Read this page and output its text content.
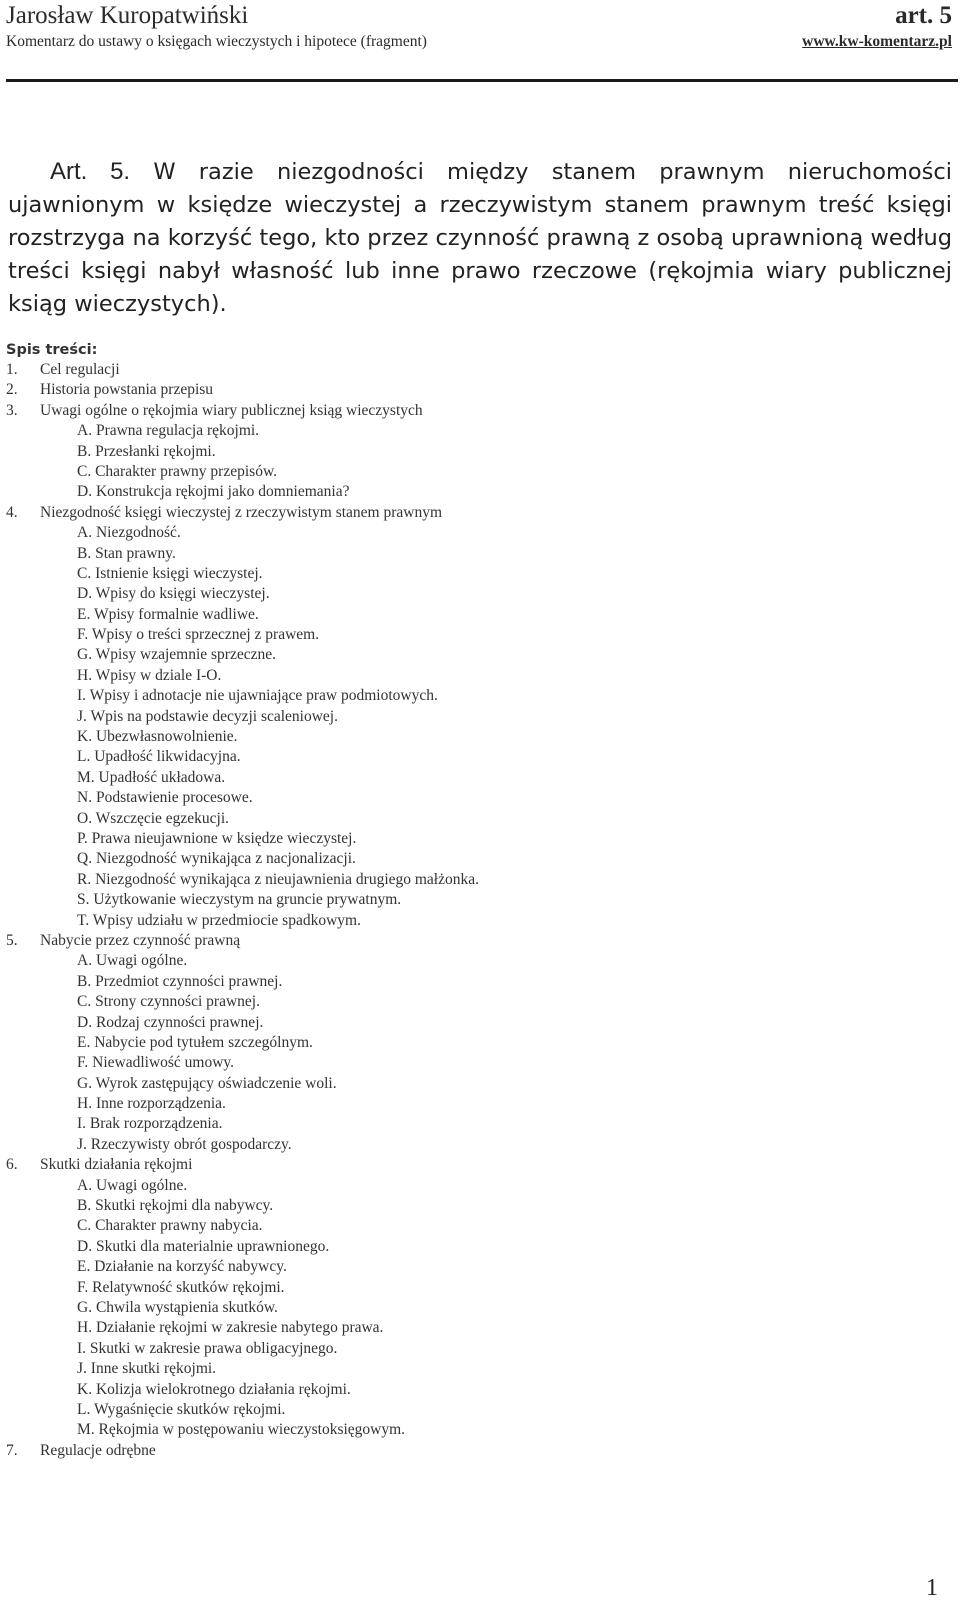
Jarosław Kuropatwiński	art. 5
Komentarz do ustawy o księgach wieczystych i hipotece (fragment)	www.kw-komentarz.pl
Art. 5. W razie niezgodności między stanem prawnym nieruchomości ujawnionym w księdze wieczystej a rzeczywistym stanem prawnym treść księgi rozstrzyga na korzyść tego, kto przez czynność prawną z osobą uprawnioną według treści księgi nabył własność lub inne prawo rzeczowe (rękojmia wiary publicznej ksiąg wieczystych).
Spis treści:
1. Cel regulacji
2. Historia powstania przepisu
3. Uwagi ogólne o rękojmia wiary publicznej ksiąg wieczystych
A. Prawna regulacja rękojmi.
B. Przesłanki rękojmi.
C. Charakter prawny przepisów.
D. Konstrukcja rękojmi jako domniemania?
4. Niezgodność księgi wieczystej z rzeczywistym stanem prawnym
A. Niezgodność.
B. Stan prawny.
C. Istnienie księgi wieczystej.
D. Wpisy do księgi wieczystej.
E. Wpisy formalnie wadliwe.
F. Wpisy o treści sprzecznej z prawem.
G. Wpisy wzajemnie sprzeczne.
H. Wpisy w dziale I-O.
I. Wpisy i adnotacje nie ujawniające praw podmiotowych.
J. Wpis na podstawie decyzji scaleniowej.
K. Ubezwłasnowolnienie.
L. Upadłość likwidacyjna.
M. Upadłość układowa.
N. Podstawienie procesowe.
O. Wszczęcie egzekucji.
P. Prawa nieujawnione w księdze wieczystej.
Q. Niezgodność wynikająca z nacjonalizacji.
R. Niezgodność wynikająca z nieujawnienia drugiego małżonka.
S. Użytkowanie wieczystym na gruncie prywatnym.
T. Wpisy udziału w przedmiocie spadkowym.
5. Nabycie przez czynność prawną
A. Uwagi ogólne.
B. Przedmiot czynności prawnej.
C. Strony czynności prawnej.
D. Rodzaj czynności prawnej.
E. Nabycie pod tytułem szczególnym.
F. Niewadliwość umowy.
G. Wyrok zastępujący oświadczenie woli.
H. Inne rozporządzenia.
I. Brak rozporządzenia.
J. Rzeczywisty obrót gospodarczy.
6. Skutki działania rękojmi
A. Uwagi ogólne.
B. Skutki rękojmi dla nabywcy.
C. Charakter prawny nabycia.
D. Skutki dla materialnie uprawnionego.
E. Działanie na korzyść nabywcy.
F. Relatywność skutków rękojmi.
G. Chwila wystąpienia skutków.
H. Działanie rękojmi w zakresie nabytego prawa.
I. Skutki w zakresie prawa obligacyjnego.
J. Inne skutki rękojmi.
K. Kolizja wielokrotnego działania rękojmi.
L. Wygaśnięcie skutków rękojmi.
M. Rękojmia w postępowaniu wieczystoksięgowym.
7. Regulacje odrębne
1
